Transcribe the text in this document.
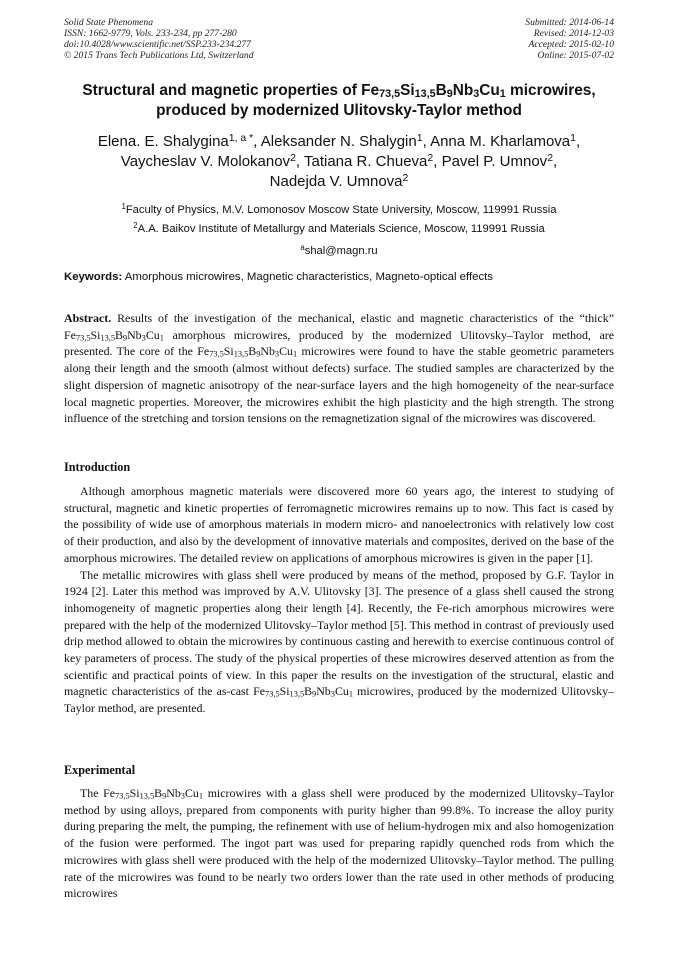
Solid State Phenomena
ISSN: 1662-9779, Vols. 233-234, pp 277-280
doi:10.4028/www.scientific.net/SSP.233-234.277
© 2015 Trans Tech Publications Ltd, Switzerland
Submitted: 2014-06-14
Revised: 2014-12-03
Accepted: 2015-02-10
Online: 2015-07-02
Structural and magnetic properties of $Fe_{73,5}Si_{13,5}B_9Nb_3Cu_1$ microwires,
produced by modernized Ulitovsky-Taylor method
Elena. E. Shalygina$^{1, a *}$, Aleksander N. Shalygin$^1$, Anna M. Kharlamova$^1$,
Vaycheslav V. Molokanov$^2$, Tatiana R. Chueva$^2$, Pavel P. Umnov$^2$,
Nadejda V. Umnova$^2$
$^1$Faculty of Physics, M.V. Lomonosov Moscow State University, Moscow, 119991 Russia
$^2$A.A. Baikov Institute of Metallurgy and Materials Science, Moscow, 119991 Russia
$^a$shal@magn.ru
Keywords: Amorphous microwires, Magnetic characteristics, Magneto-optical effects

Abstract. Results of the investigation of the mechanical, elastic and magnetic characteristics of the “thick” $Fe_{73,5}Si_{13,5}B_9Nb_3Cu_1$ amorphous microwires, produced by the modernized Ulitovsky–Taylor method, are presented. The core of the $Fe_{73,5}Si_{13,5}B_9Nb_3Cu_1$ microwires were found to have the stable geometric parameters along their length and the smooth (almost without defects) surface. The studied samples are characterized by the slight dispersion of magnetic anisotropy of the near-surface layers and the high homogeneity of the near-surface local magnetic properties. Moreover, the microwires exhibit the high plasticity and the high strength. The strong influence of the stretching and torsion tensions on the remagnetization signal of the microwires was discovered.

Introduction

Although amorphous magnetic materials were discovered more 60 years ago, the interest to studying of structural, magnetic and kinetic properties of ferromagnetic microwires remains up to now. This fact is cased by the possibility of wide use of amorphous materials in modern micro- and nanoelectronics with relatively low cost of their production, and also by the development of innovative materials and composites, derived on the base of the amorphous microwires. The detailed review on applications of amorphous microwires is given in the paper [1].

The metallic microwires with glass shell were produced by means of the method, proposed by G.F. Taylor in 1924 [2]. Later this method was improved by A.V. Ulitovsky [3]. The presence of a glass shell caused the strong inhomogeneity of magnetic properties along their length [4]. Recently, the Fe-rich amorphous microwires were prepared with the help of the modernized Ulitovsky–Taylor method [5]. This method in contrast of previously used drip method allowed to obtain the microwires by continuous casting and herewith to exercise continuous control of key parameters of process. The study of the physical properties of these microwires deserved attention as from the scientific and practical points of view. In this paper the results on the investigation of the structural, elastic and magnetic characteristics of the as-cast $Fe_{73,5}Si_{13,5}B_9Nb_3Cu_1$ microwires, produced by the modernized Ulitovsky–Taylor method, are presented.

Experimental

The $Fe_{73,5}Si_{13,5}B_9Nb_3Cu_1$ microwires with a glass shell were produced by the modernized Ulitovsky–Taylor method by using alloys, prepared from components with purity higher than 99.8%. To increase the alloy purity during preparing the melt, the pumping, the refinement with use of helium-hydrogen mix and also homogenization of the fusion were performed. The ingot part was used for preparing rapidly quenched rods from which the microwires with glass shell were produced with the help of the modernized Ulitovsky–Taylor method. The pulling rate of the microwires was found to be nearly two orders lower than the rate used in other methods of producing microwires
